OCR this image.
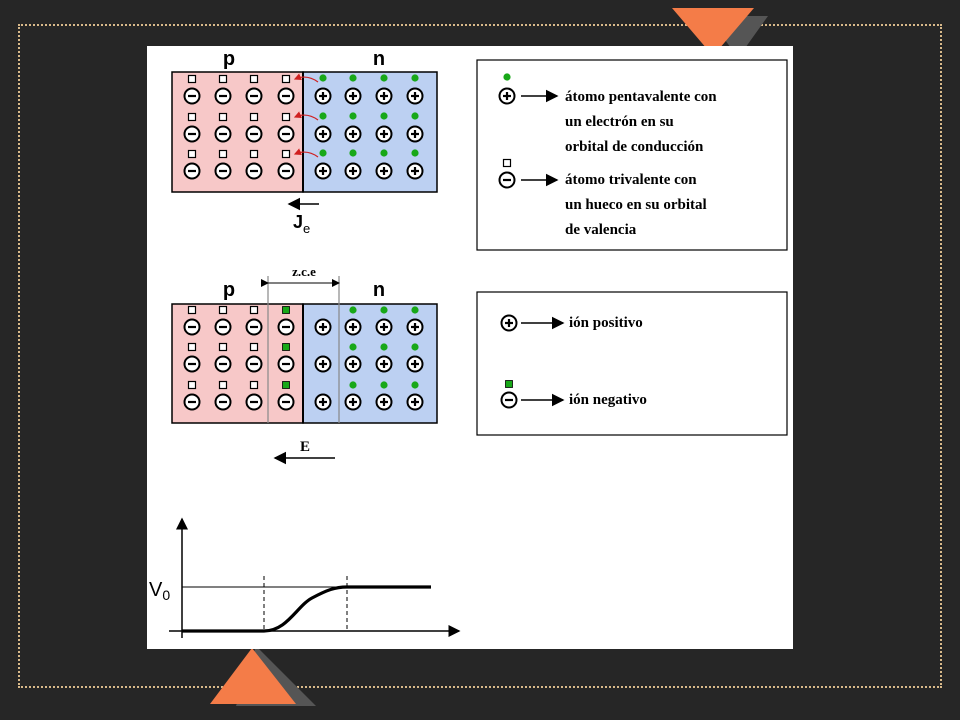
p	n
$J_e$
átomo pentavalente con
un electrón en su
orbital de conducción
átomo trivalente con
un hueco en su orbital
de valencia
p	n
z.c.e
E
ión positivo
ión negativo
$V_0$
